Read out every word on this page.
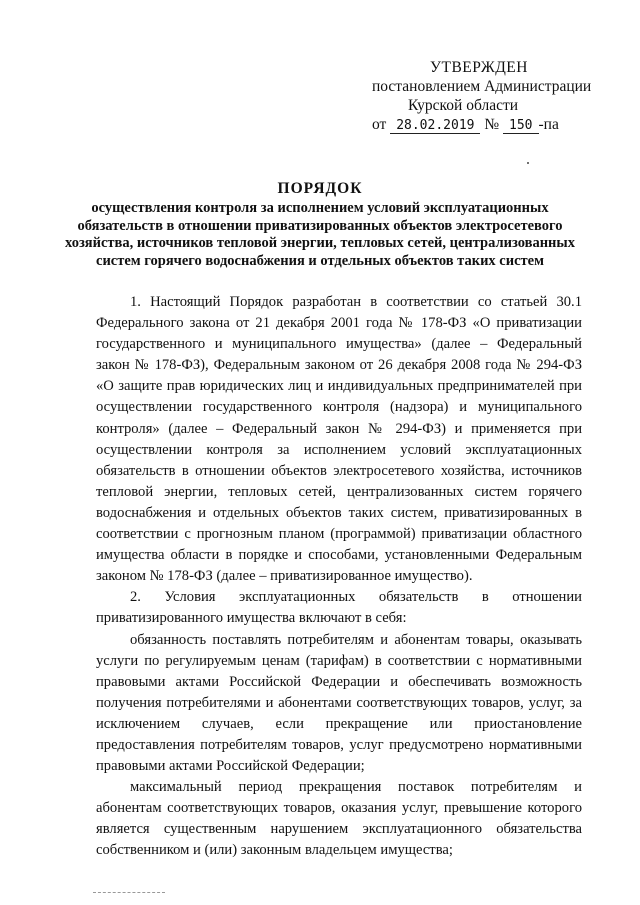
УТВЕРЖДЕН
постановлением Администрации
Курской области
от 28.02.2019 № 150 -па
ПОРЯДОК
осуществления контроля за исполнением условий эксплуатационных обязательств в отношении приватизированных объектов электросетевого хозяйства, источников тепловой энергии, тепловых сетей, централизованных систем горячего водоснабжения и отдельных объектов таких систем

1. Настоящий Порядок разработан в соответствии со статьей 30.1 Федерального закона от 21 декабря 2001 года № 178-ФЗ «О приватизации государственного и муниципального имущества» (далее – Федеральный закон № 178-ФЗ), Федеральным законом от 26 декабря 2008 года № 294-ФЗ «О защите прав юридических лиц и индивидуальных предпринимателей при осуществлении государственного контроля (надзора) и муниципального контроля» (далее – Федеральный закон № 294-ФЗ) и применяется при осуществлении контроля за исполнением условий эксплуатационных обязательств в отношении объектов электросетевого хозяйства, источников тепловой энергии, тепловых сетей, централизованных систем горячего водоснабжения и отдельных объектов таких систем, приватизированных в соответствии с прогнозным планом (программой) приватизации областного имущества области в порядке и способами, установленными Федеральным законом № 178-ФЗ (далее – приватизированное имущество).

2. Условия эксплуатационных обязательств в отношении приватизированного имущества включают в себя:

обязанность поставлять потребителям и абонентам товары, оказывать услуги по регулируемым ценам (тарифам) в соответствии с нормативными правовыми актами Российской Федерации и обеспечивать возможность получения потребителями и абонентами соответствующих товаров, услуг, за исключением случаев, если прекращение или приостановление предоставления потребителям товаров, услуг предусмотрено нормативными правовыми актами Российской Федерации;

максимальный период прекращения поставок потребителям и абонентам соответствующих товаров, оказания услуг, превышение которого является существенным нарушением эксплуатационного обязательства собственником и (или) законным владельцем имущества;
